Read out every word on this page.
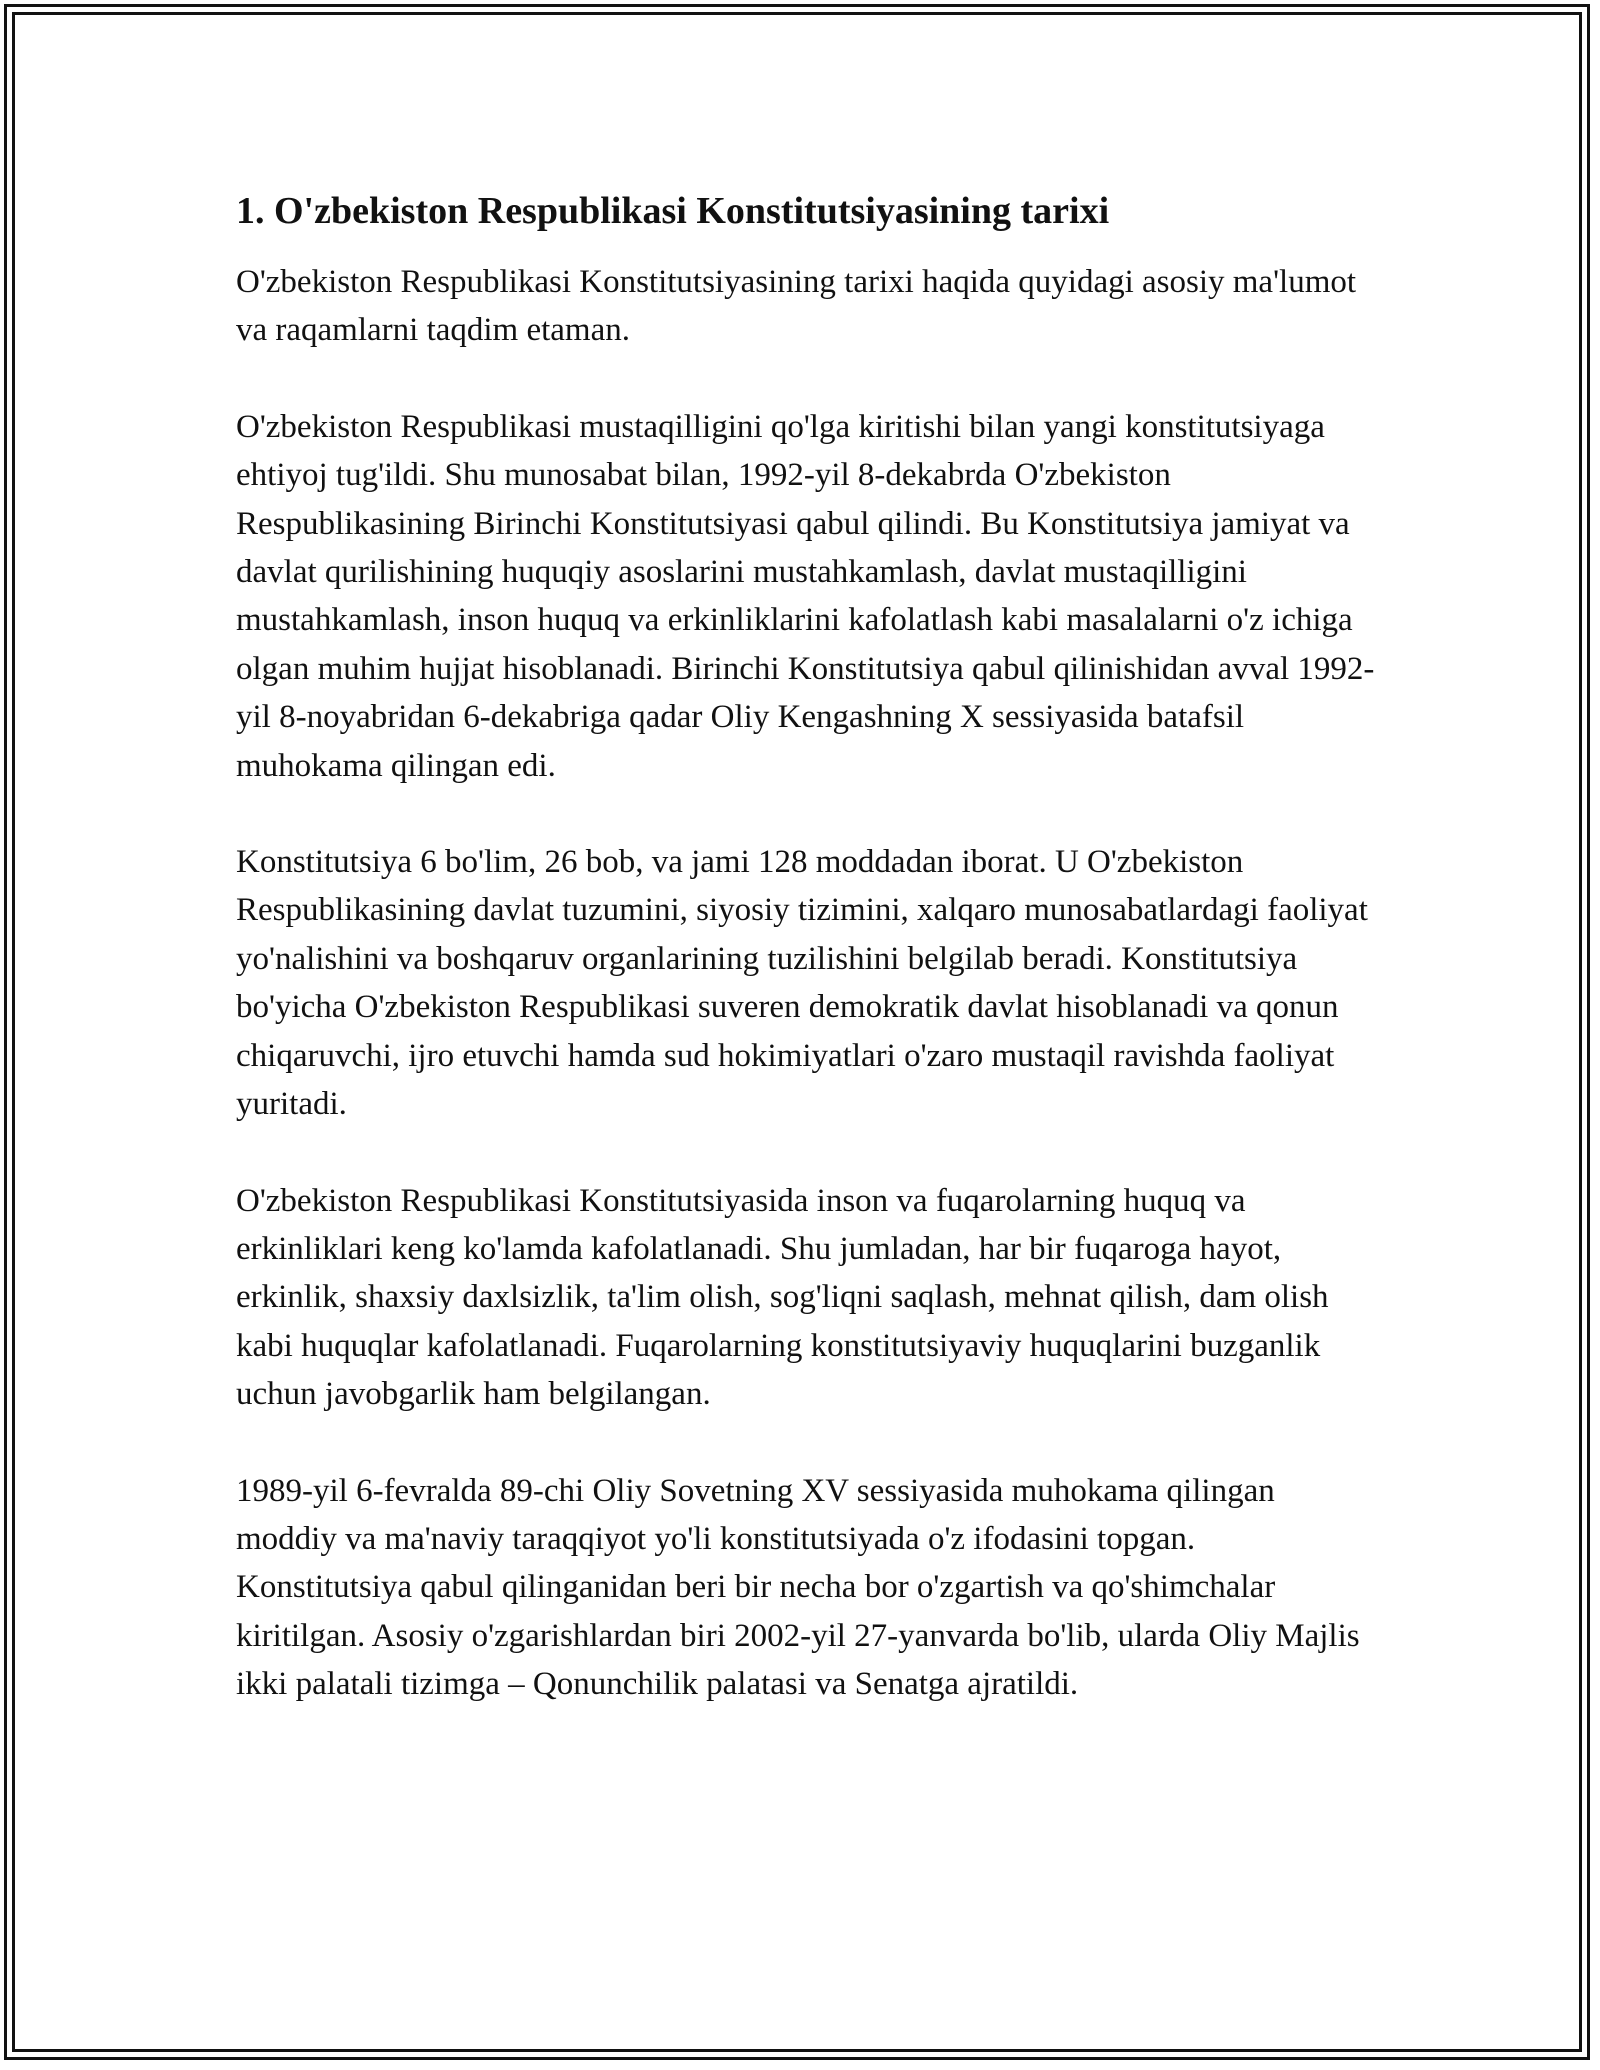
1. O'zbekiston Respublikasi Konstitutsiyasining tarixi

O'zbekiston Respublikasi Konstitutsiyasining tarixi haqida quyidagi asosiy ma'lumot va raqamlarni taqdim etaman.

O'zbekiston Respublikasi mustaqilligini qo'lga kiritishi bilan yangi konstitutsiyaga ehtiyoj tug'ildi. Shu munosabat bilan, 1992-yil 8-dekabrda O'zbekiston Respublikasining Birinchi Konstitutsiyasi qabul qilindi. Bu Konstitutsiya jamiyat va davlat qurilishining huquqiy asoslarini mustahkamlash, davlat mustaqilligini mustahkamlash, inson huquq va erkinliklarini kafolatlash kabi masalalarni o'z ichiga olgan muhim hujjat hisoblanadi. Birinchi Konstitutsiya qabul qilinishidan avval 1992-yil 8-noyabridan 6-dekabriga qadar Oliy Kengashning X sessiyasida batafsil muhokama qilingan edi.

Konstitutsiya 6 bo'lim, 26 bob, va jami 128 moddadan iborat. U O'zbekiston Respublikasining davlat tuzumini, siyosiy tizimini, xalqaro munosabatlardagi faoliyat yo'nalishini va boshqaruv organlarining tuzilishini belgilab beradi. Konstitutsiya bo'yicha O'zbekiston Respublikasi suveren demokratik davlat hisoblanadi va qonun chiqaruvchi, ijro etuvchi hamda sud hokimiyatlari o'zaro mustaqil ravishda faoliyat yuritadi.

O'zbekiston Respublikasi Konstitutsiyasida inson va fuqarolarning huquq va erkinliklari keng ko'lamda kafolatlanadi. Shu jumladan, har bir fuqaroga hayot, erkinlik, shaxsiy daxlsizlik, ta'lim olish, sog'liqni saqlash, mehnat qilish, dam olish kabi huquqlar kafolatlanadi. Fuqarolarning konstitutsiyaviy huquqlarini buzganlik uchun javobgarlik ham belgilangan.

1989-yil 6-fevralda 89-chi Oliy Sovetning XV sessiyasida muhokama qilingan moddiy va ma'naviy taraqqiyot yo'li konstitutsiyada o'z ifodasini topgan. Konstitutsiya qabul qilinganidan beri bir necha bor o'zgartish va qo'shimchalar kiritilgan. Asosiy o'zgarishlardan biri 2002-yil 27-yanvarda bo'lib, ularda Oliy Majlis ikki palatali tizimga – Qonunchilik palatasi va Senatga ajratildi.
